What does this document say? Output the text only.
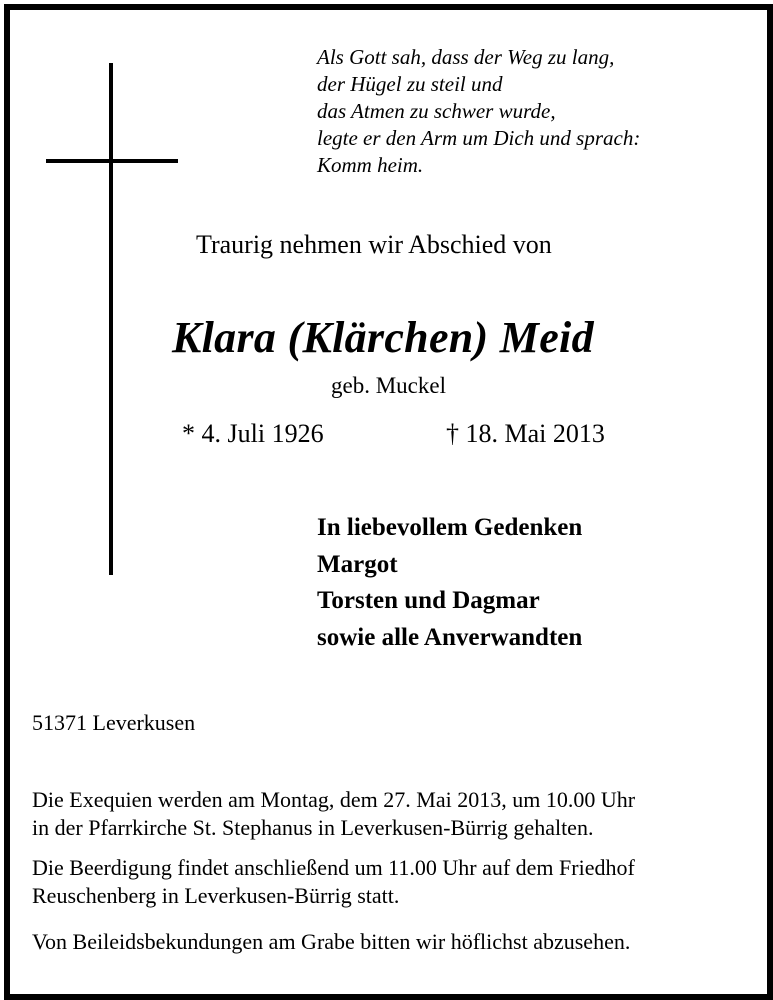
Als Gott sah, dass der Weg zu lang,
der Hügel zu steil und
das Atmen zu schwer wurde,
legte er den Arm um Dich und sprach:
Komm heim.
Traurig nehmen wir Abschied von
Klara (Klärchen) Meid
geb. Muckel
* 4. Juli 1926	† 18. Mai 2013
In liebevollem Gedenken
Margot
Torsten und Dagmar
sowie alle Anverwandten
51371 Leverkusen
Die Exequien werden am Montag, dem 27. Mai 2013, um 10.00 Uhr
in der Pfarrkirche St. Stephanus in Leverkusen-Bürrig gehalten.
Die Beerdigung findet anschließend um 11.00 Uhr auf dem Friedhof
Reuschenberg in Leverkusen-Bürrig statt.
Von Beileidsbekundungen am Grabe bitten wir höflichst abzusehen.
